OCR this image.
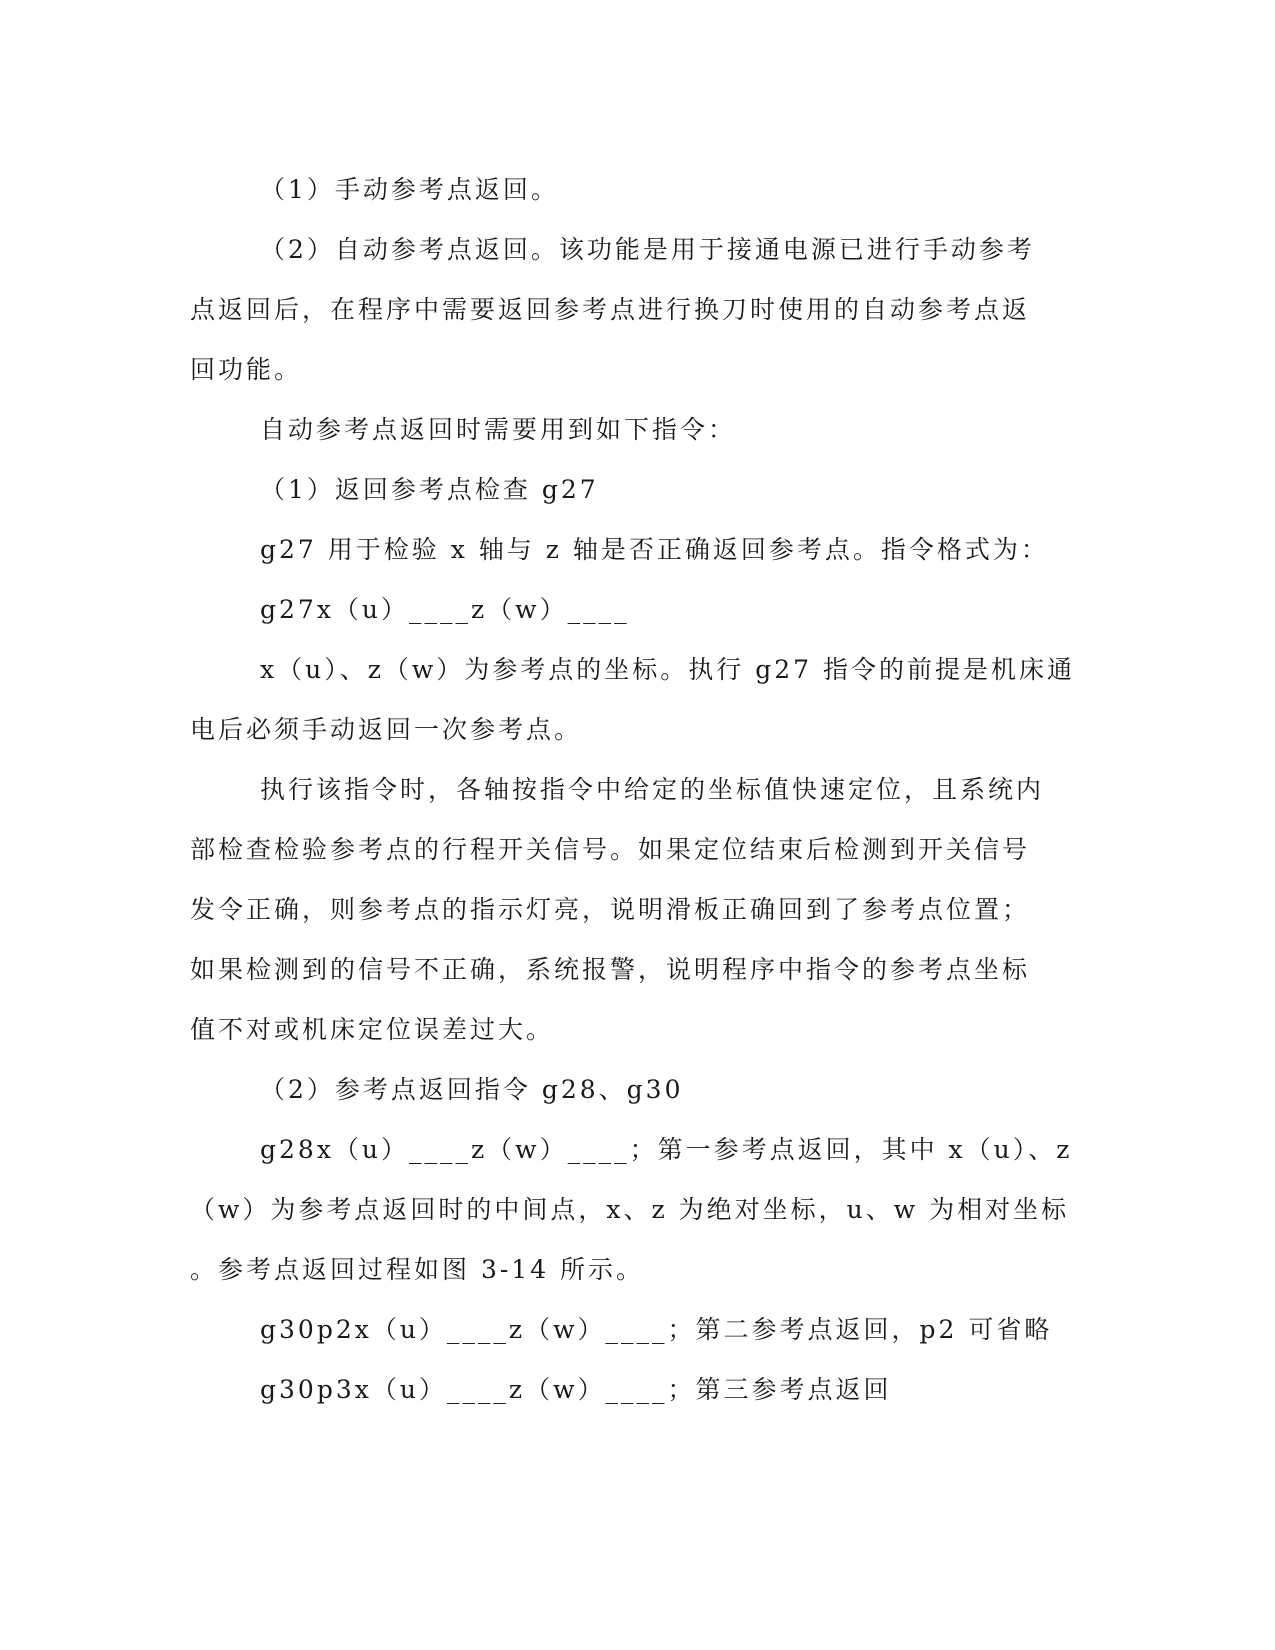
（1）手动参考点返回。
（2）自动参考点返回。该功能是用于接通电源已进行手动参考
点返回后，在程序中需要返回参考点进行换刀时使用的自动参考点返
回功能。
自动参考点返回时需要用到如下指令：
（1）返回参考点检查 g27
g27 用于检验 x 轴与 z 轴是否正确返回参考点。指令格式为：
g27x（u）____z（w）____
x（u）、z（w）为参考点的坐标。执行 g27 指令的前提是机床通
电后必须手动返回一次参考点。
执行该指令时，各轴按指令中给定的坐标值快速定位，且系统内
部检查检验参考点的行程开关信号。如果定位结束后检测到开关信号
发令正确，则参考点的指示灯亮，说明滑板正确回到了参考点位置；
如果检测到的信号不正确，系统报警，说明程序中指令的参考点坐标
值不对或机床定位误差过大。
（2）参考点返回指令 g28、g30
g28x（u）____z（w）____；第一参考点返回，其中 x（u）、z
（w）为参考点返回时的中间点，x、z 为绝对坐标，u、w 为相对坐标
。参考点返回过程如图 3-14 所示。
g30p2x（u）____z（w）____；第二参考点返回，p2 可省略
g30p3x（u）____z（w）____；第三参考点返回
